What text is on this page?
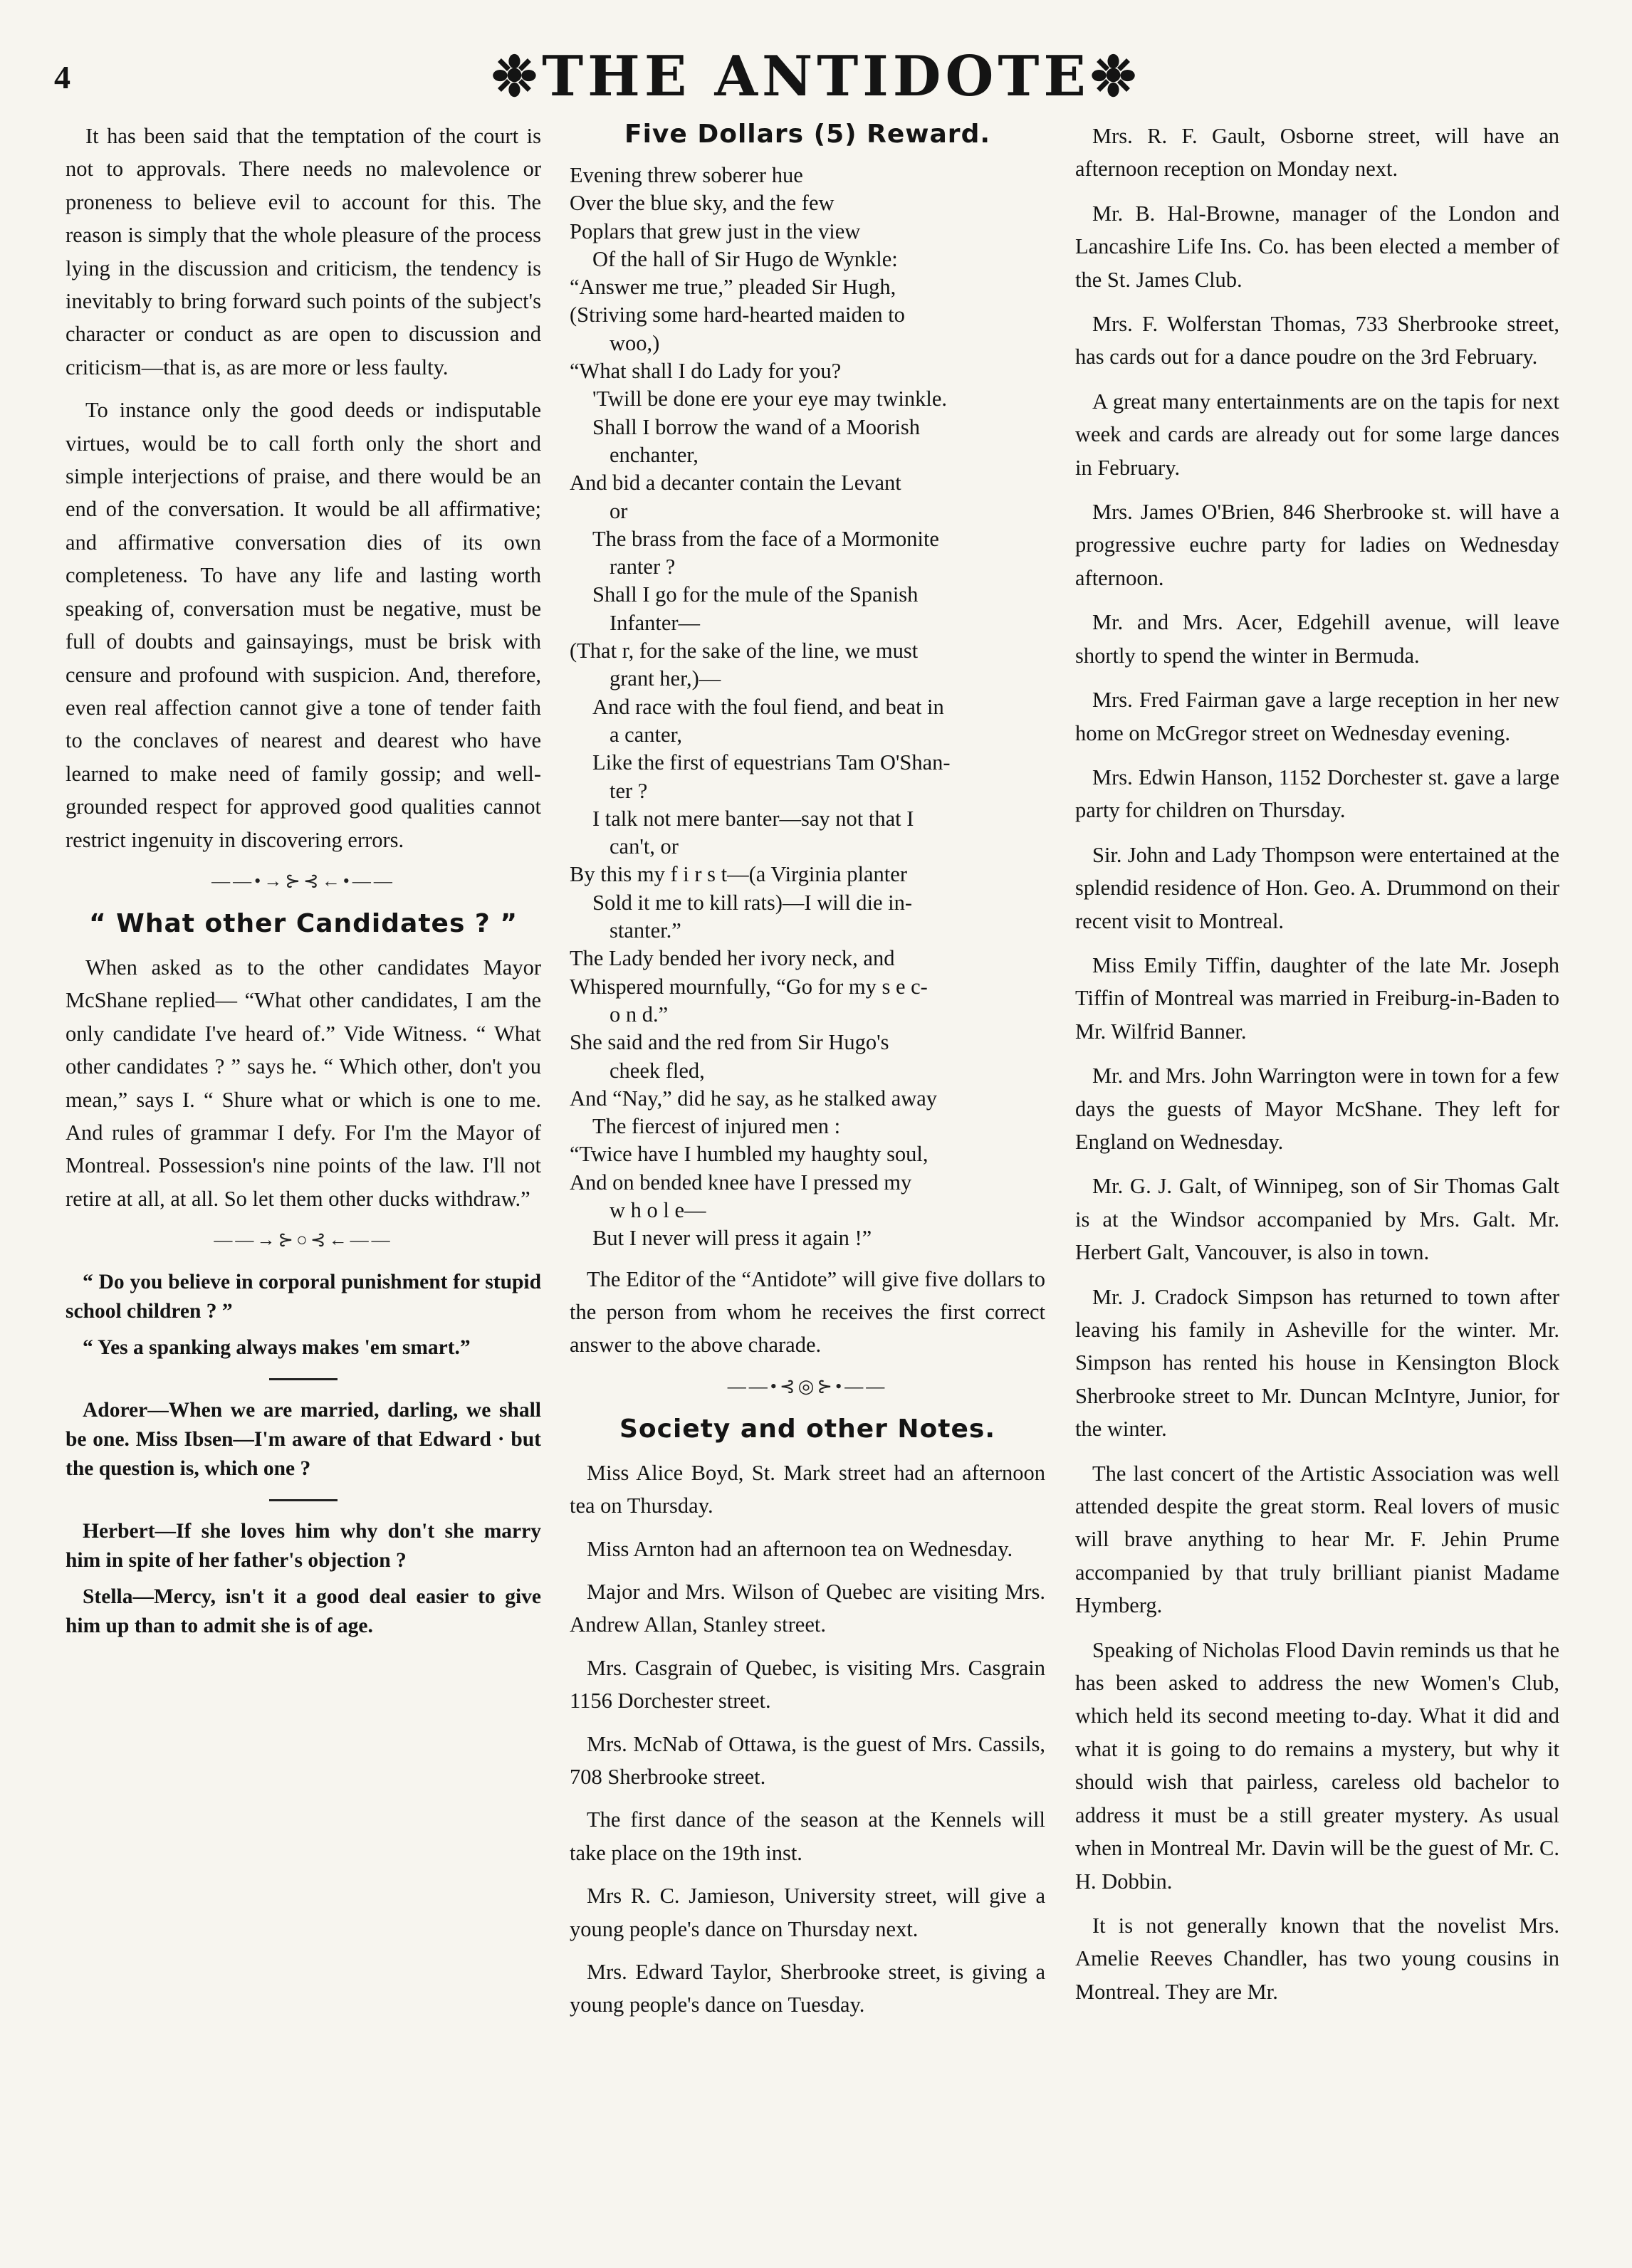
4	❉THE ANTIDOTE❉

It has been said that the temptation of the court is not to approvals. There needs no malevolence or proneness to believe evil to account for this. The reason is simply that the whole pleasure of the process lying in the discussion and criticism, the tendency is inevitably to bring forward such points of the subject's character or conduct as are open to discussion and criticism—that is, as are more or less faulty.

To instance only the good deeds or indisputable virtues, would be to call forth only the short and simple interjections of praise, and there would be an end of the conversation. It would be all affirmative; and affirmative conversation dies of its own completeness. To have any life and lasting worth speaking of, conversation must be negative, must be full of doubts and gainsayings, must be brisk with censure and profound with suspicion. And, therefore, even real affection cannot give a tone of tender faith to the conclaves of nearest and dearest who have learned to make need of family gossip; and well-grounded respect for approved good qualities cannot restrict ingenuity in discovering errors.

——•→⊱⊰←•——
“ What other Candidates ? ”

When asked as to the other candidates Mayor McShane replied— “What other candidates, I am the only candidate I've heard of.” Vide Witness. “ What other candidates ? ” says he. “ Which other, don't you mean,” says I. “ Shure what or which is one to me. And rules of grammar I defy. For I'm the Mayor of Montreal. Possession's nine points of the law. I'll not retire at all, at all. So let them other ducks withdraw.”

——→⊱○⊰←——

“ Do you believe in corporal punishment for stupid school children ? ”

“ Yes a spanking always makes 'em smart.”

Adorer—When we are married, darling, we shall be one. Miss Ibsen—I'm aware of that Edward · but the question is, which one ?

Herbert—If she loves him why don't she marry him in spite of her father's objection ?

Stella—Mercy, isn't it a good deal easier to give him up than to admit she is of age.

Five Dollars (5) Reward.
Evening threw soberer hue
Over the blue sky, and the few
Poplars that grew just in the view
Of the hall of Sir Hugo de Wynkle:
“Answer me true,” pleaded Sir Hugh,
(Striving some hard-hearted maiden to
woo,)
“What shall I do Lady for you?
'Twill be done ere your eye may twinkle.
Shall I borrow the wand of a Moorish
enchanter,
And bid a decanter contain the Levant
or
The brass from the face of a Mormonite
ranter ?
Shall I go for the mule of the Spanish
Infanter—
(That r, for the sake of the line, we must
grant her,)—
And race with the foul fiend, and beat in
a canter,
Like the first of equestrians Tam O'Shan-
ter ?
I talk not mere banter—say not that I
can't, or
By this my f i r s t—(a Virginia planter
Sold it me to kill rats)—I will die in-
stanter.”
The Lady bended her ivory neck, and
Whispered mournfully, “Go for my s e c-
o n d.”
She said and the red from Sir Hugo's
cheek fled,
And “Nay,” did he say, as he stalked away
The fiercest of injured men :
“Twice have I humbled my haughty soul,
And on bended knee have I pressed my
w h o l e—
But I never will press it again !”

The Editor of the “Antidote” will give five dollars to the person from whom he receives the first correct answer to the above charade.

——•⊰◎⊱•——
Society and other Notes.

Miss Alice Boyd, St. Mark street had an afternoon tea on Thursday.

Miss Arnton had an afternoon tea on Wednesday.

Major and Mrs. Wilson of Quebec are visiting Mrs. Andrew Allan, Stanley street.

Mrs. Casgrain of Quebec, is visiting Mrs. Casgrain 1156 Dorchester street.

Mrs. McNab of Ottawa, is the guest of Mrs. Cassils, 708 Sherbrooke street.

The first dance of the season at the Kennels will take place on the 19th inst.

Mrs R. C. Jamieson, University street, will give a young people's dance on Thursday next.

Mrs. Edward Taylor, Sherbrooke street, is giving a young people's dance on Tuesday.

Mrs. R. F. Gault, Osborne street, will have an afternoon reception on Monday next.

Mr. B. Hal-Browne, manager of the London and Lancashire Life Ins. Co. has been elected a member of the St. James Club.

Mrs. F. Wolferstan Thomas, 733 Sherbrooke street, has cards out for a dance poudre on the 3rd February.

A great many entertainments are on the tapis for next week and cards are already out for some large dances in February.

Mrs. James O'Brien, 846 Sherbrooke st. will have a progressive euchre party for ladies on Wednesday afternoon.

Mr. and Mrs. Acer, Edgehill avenue, will leave shortly to spend the winter in Bermuda.

Mrs. Fred Fairman gave a large reception in her new home on McGregor street on Wednesday evening.

Mrs. Edwin Hanson, 1152 Dorchester st. gave a large party for children on Thursday.

Sir. John and Lady Thompson were entertained at the splendid residence of Hon. Geo. A. Drummond on their recent visit to Montreal.

Miss Emily Tiffin, daughter of the late Mr. Joseph Tiffin of Montreal was married in Freiburg-in-Baden to Mr. Wilfrid Banner.

Mr. and Mrs. John Warrington were in town for a few days the guests of Mayor McShane. They left for England on Wednesday.

Mr. G. J. Galt, of Winnipeg, son of Sir Thomas Galt is at the Windsor accompanied by Mrs. Galt. Mr. Herbert Galt, Vancouver, is also in town.

Mr. J. Cradock Simpson has returned to town after leaving his family in Asheville for the winter. Mr. Simpson has rented his house in Kensington Block Sherbrooke street to Mr. Duncan McIntyre, Junior, for the winter.

The last concert of the Artistic Association was well attended despite the great storm. Real lovers of music will brave anything to hear Mr. F. Jehin Prume accompanied by that truly brilliant pianist Madame Hymberg.

Speaking of Nicholas Flood Davin reminds us that he has been asked to address the new Women's Club, which held its second meeting to-day. What it did and what it is going to do remains a mystery, but why it should wish that pairless, careless old bachelor to address it must be a still greater mystery. As usual when in Montreal Mr. Davin will be the guest of Mr. C. H. Dobbin.

It is not generally known that the novelist Mrs. Amelie Reeves Chandler, has two young cousins in Montreal. They are Mr.
